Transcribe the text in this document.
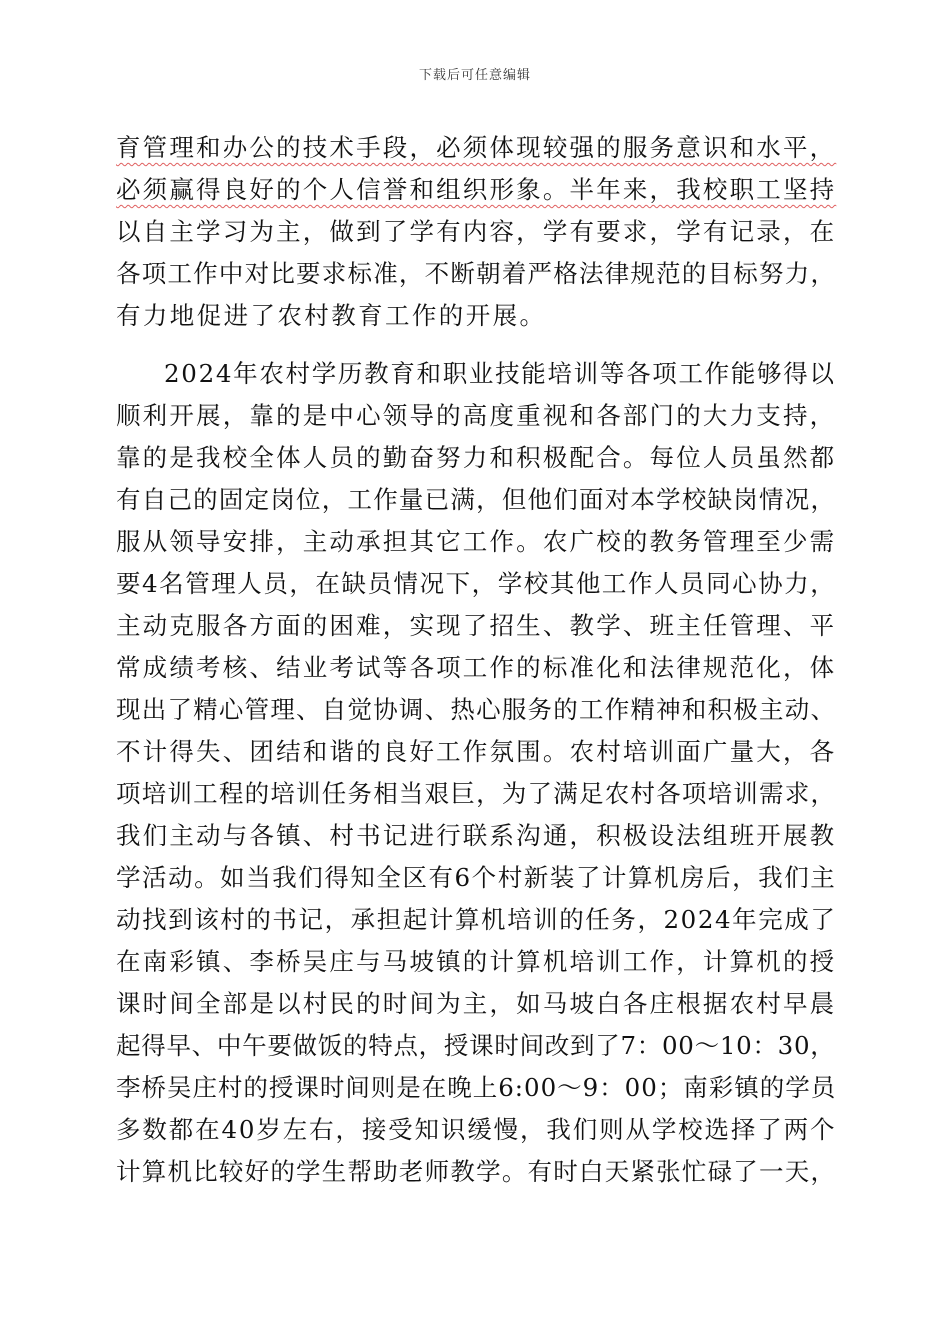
下载后可任意编辑
育管理和办公的技术手段，必须体现较强的服务意识和水平，
必须赢得良好的个人信誉和组织形象。半年来，我校职工坚持
以自主学习为主，做到了学有内容，学有要求，学有记录，在
各项工作中对比要求标准，不断朝着严格法律规范的目标努力，
有力地促进了农村教育工作的开展。
2024年农村学历教育和职业技能培训等各项工作能够得以
顺利开展，靠的是中心领导的高度重视和各部门的大力支持，
靠的是我校全体人员的勤奋努力和积极配合。每位人员虽然都
有自己的固定岗位，工作量已满，但他们面对本学校缺岗情况，
服从领导安排，主动承担其它工作。农广校的教务管理至少需
要4名管理人员，在缺员情况下，学校其他工作人员同心协力，
主动克服各方面的困难，实现了招生、教学、班主任管理、平
常成绩考核、结业考试等各项工作的标准化和法律规范化，体
现出了精心管理、自觉协调、热心服务的工作精神和积极主动、
不计得失、团结和谐的良好工作氛围。农村培训面广量大，各
项培训工程的培训任务相当艰巨，为了满足农村各项培训需求，
我们主动与各镇、村书记进行联系沟通，积极设法组班开展教
学活动。如当我们得知全区有6个村新装了计算机房后，我们主
动找到该村的书记，承担起计算机培训的任务，2024年完成了
在南彩镇、李桥吴庄与马坡镇的计算机培训工作，计算机的授
课时间全部是以村民的时间为主，如马坡白各庄根据农村早晨
起得早、中午要做饭的特点，授课时间改到了7：00～10：30，
李桥吴庄村的授课时间则是在晚上6:00～9：00；南彩镇的学员
多数都在40岁左右，接受知识缓慢，我们则从学校选择了两个
计算机比较好的学生帮助老师教学。有时白天紧张忙碌了一天，
